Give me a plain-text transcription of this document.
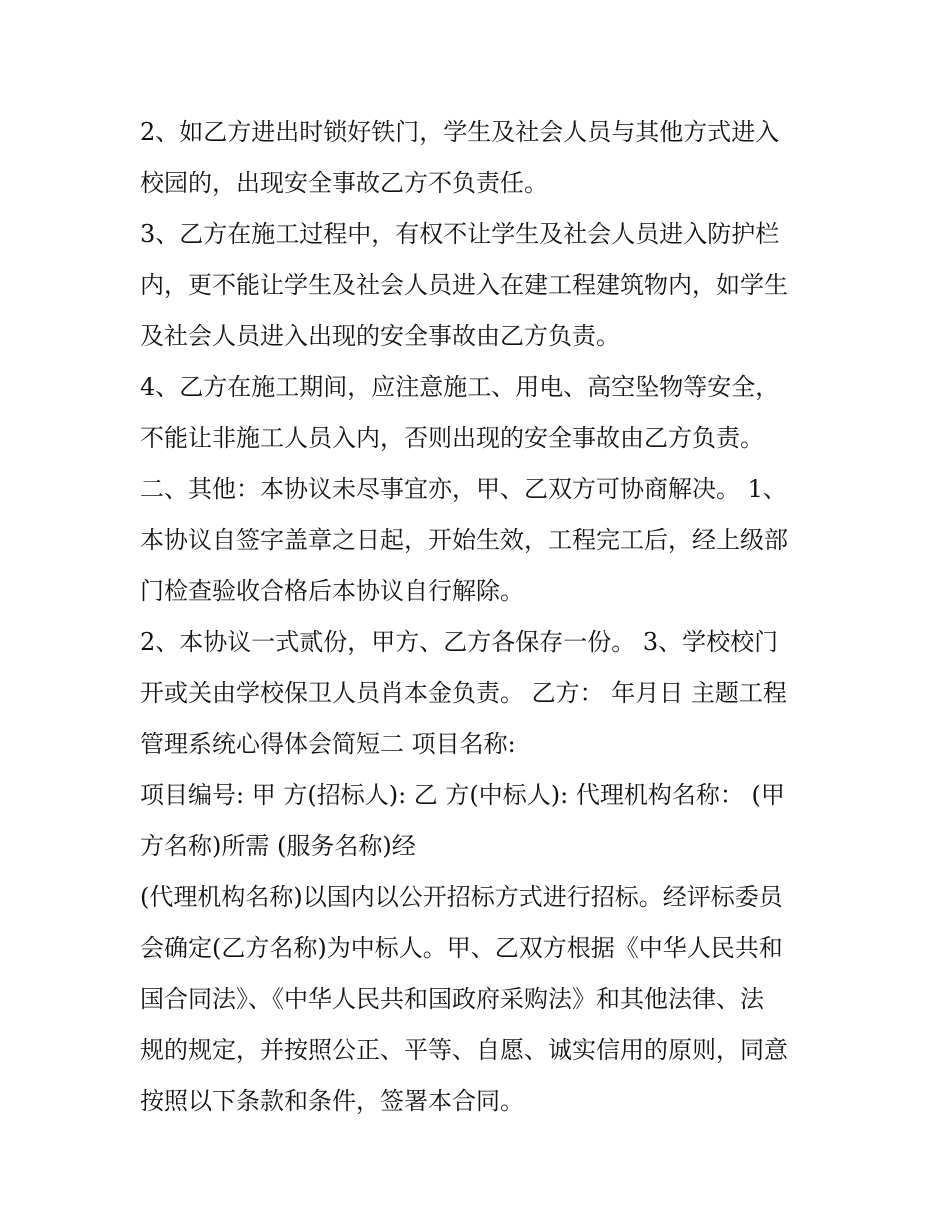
2、如乙方进出时锁好铁门，学生及社会人员与其他方式进入
校园的，出现安全事故乙方不负责任。
3、乙方在施工过程中，有权不让学生及社会人员进入防护栏
内，更不能让学生及社会人员进入在建工程建筑物内，如学生
及社会人员进入出现的安全事故由乙方负责。
4、乙方在施工期间，应注意施工、用电、高空坠物等安全，
不能让非施工人员入内，否则出现的安全事故由乙方负责。
二、其他：本协议未尽事宜亦，甲、乙双方可协商解决。 1、
本协议自签字盖章之日起，开始生效，工程完工后，经上级部
门检查验收合格后本协议自行解除。
2、本协议一式贰份，甲方、乙方各保存一份。 3、学校校门
开或关由学校保卫人员肖本金负责。 乙方： 年月日 主题工程
管理系统心得体会简短二 项目名称:
项目编号: 甲 方(招标人): 乙 方(中标人): 代理机构名称： (甲
方名称)所需 (服务名称)经
(代理机构名称)以国内以公开招标方式进行招标。经评标委员
会确定(乙方名称)为中标人。甲、乙双方根据《中华人民共和
国合同法》、《中华人民共和国政府采购法》和其他法律、法
规的规定，并按照公正、平等、自愿、诚实信用的原则，同意
按照以下条款和条件，签署本合同。
